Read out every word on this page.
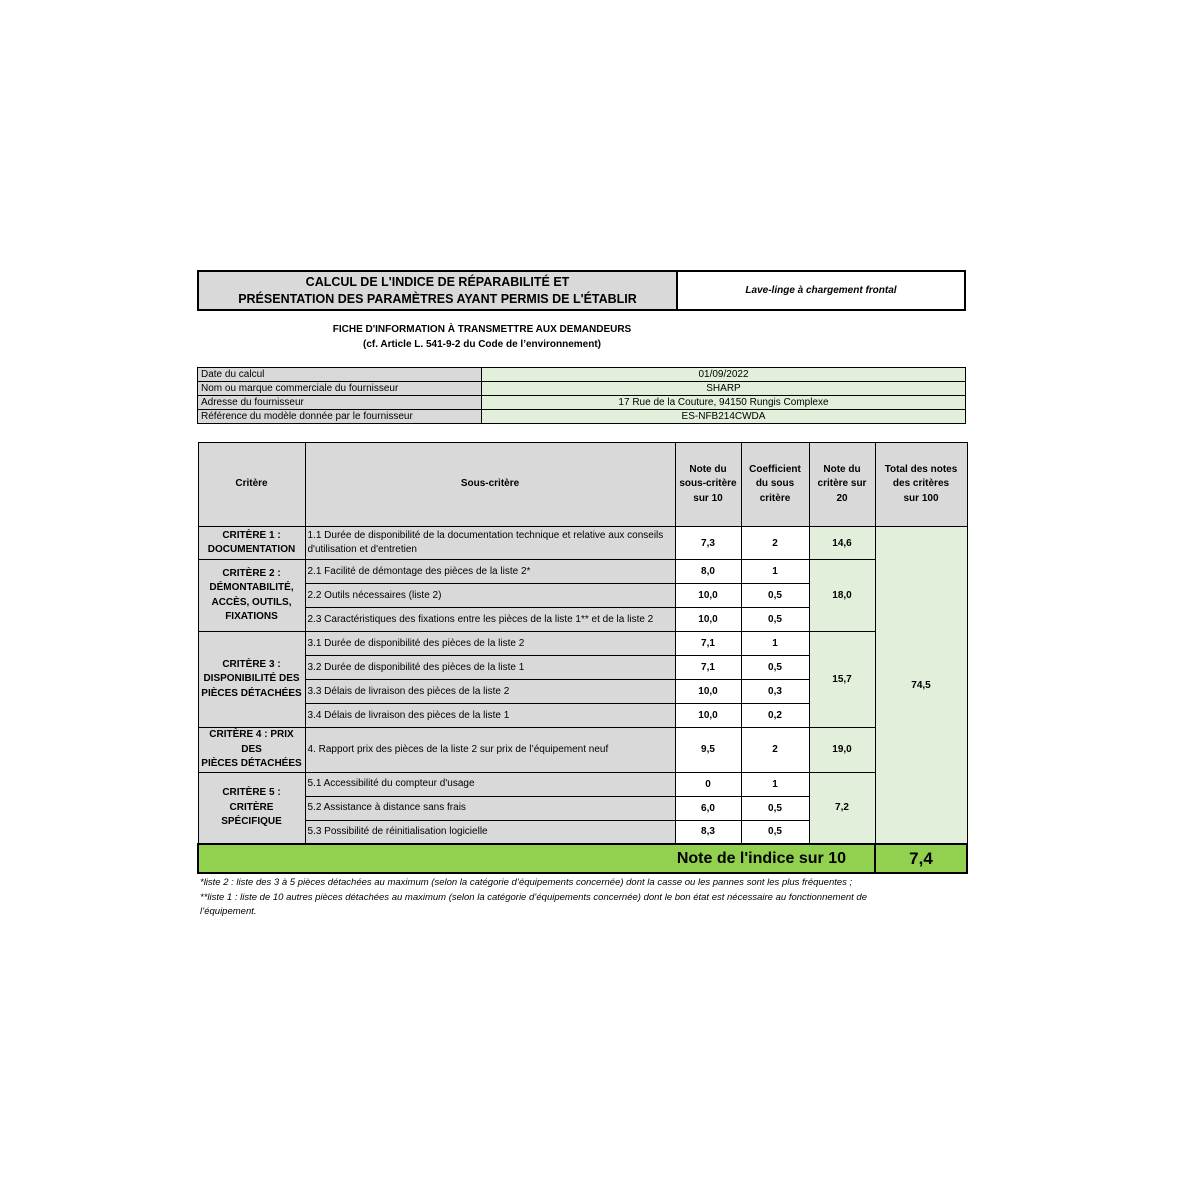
CALCUL DE L'INDICE DE RÉPARABILITÉ ET
PRÉSENTATION DES PARAMÈTRES AYANT PERMIS DE L'ÉTABLIR
Lave-linge à chargement frontal
FICHE D'INFORMATION À TRANSMETTRE AUX DEMANDEURS
(cf. Article L. 541-9-2 du Code de l’environnement)
Date du calcul	01/09/2022
Nom ou marque commerciale du fournisseur	SHARP
Adresse du fournisseur	17 Rue de la Couture, 94150 Rungis Complexe
Référence du modèle donnée par le fournisseur	ES-NFB214CWDA
Critère	Sous-critère	Note du
sous-critère
sur 10	Coefficient
du sous
critère	Note du
critère sur 20	Total des notes
des critères
sur 100
CRITÈRE 1 :
DOCUMENTATION	1.1 Durée de disponibilité de la documentation technique et relative aux conseils d'utilisation et d'entretien	7,3	2	14,6	74,5
CRITÈRE 2 :
DÉMONTABILITÉ,
ACCÈS, OUTILS,
FIXATIONS	2.1 Facilité de démontage des pièces de la liste 2*	8,0	1	18,0	
	2.2 Outils nécessaires (liste 2)	10,0	0,5		
	2.3 Caractéristiques des fixations entre les pièces de la liste 1** et de la liste 2	10,0	0,5		
CRITÈRE 3 :
DISPONIBILITÉ DES
PIÈCES DÉTACHÉES	3.1 Durée de disponibilité des pièces de la liste 2	7,1	1	15,7	
	3.2 Durée de disponibilité des pièces de la liste 1	7,1	0,5		
	3.3 Délais de livraison des pièces de la liste 2	10,0	0,3		
	3.4 Délais de livraison des pièces de la liste 1	10,0	0,2		
CRITÈRE 4 : PRIX DES
PIÈCES DÉTACHÉES	4. Rapport prix des pièces de la liste 2 sur prix de l’équipement neuf	9,5	2	19,0	
CRITÈRE 5 : CRITÈRE
SPÉCIFIQUE	5.1 Accessibilité du compteur d'usage	0	1	7,2	
	5.2 Assistance à distance sans frais	6,0	0,5		
	5.3 Possibilité de réinitialisation logicielle	8,3	0,5		
Note de l'indice sur 10					7,4
*liste 2 : liste des 3 à 5 pièces détachées au maximum (selon la catégorie d’équipements concernée) dont la casse ou les pannes sont les plus fréquentes ;
**liste 1 : liste de 10 autres pièces détachées au maximum (selon la catégorie d’équipements concernée) dont le bon état est nécessaire au fonctionnement de
l’équipement.
